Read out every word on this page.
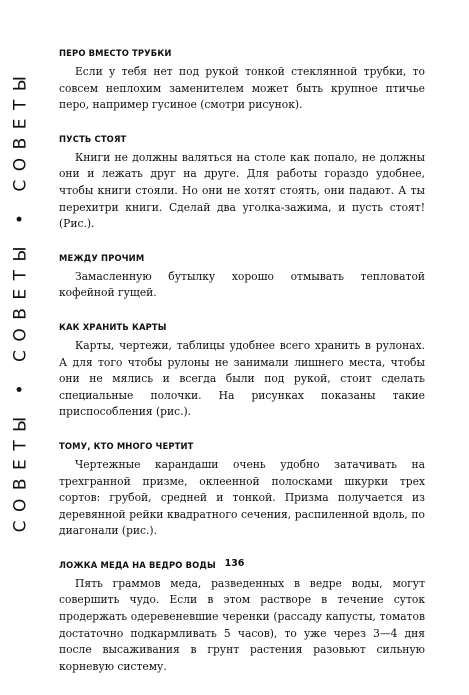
СОВЕТЫ • СОВЕТЫ • СОВЕТЫ

ПЕРО ВМЕСТО ТРУБКИ

Если у тебя нет под рукой тонкой стеклянной трубки, то совсем неплохим заменителем может быть крупное птичье перо, например гусиное (смотри рисунок).

ПУСТЬ СТОЯТ

Книги не должны валяться на столе как попало, не должны они и лежать друг на друге. Для работы гораздо удобнее, чтобы книги стояли. Но они не хотят стоять, они падают. А ты перехитри книги. Сделай два уголка-зажима, и пусть стоят! (Рис.).

МЕЖДУ ПРОЧИМ

Замасленную бутылку хорошо отмывать тепловатой кофейной гущей.

КАК ХРАНИТЬ КАРТЫ

Карты, чертежи, таблицы удобнее всего хранить в рулонах. А для того чтобы рулоны не занимали лишнего места, чтобы они не мялись и всегда были под рукой, стоит сделать специальные полочки. На рисунках показаны такие приспособления (рис.).

ТОМУ, КТО МНОГО ЧЕРТИТ

Чертежные карандаши очень удобно затачивать на трехгранной призме, оклеенной полосками шкурки трех сортов: грубой, средней и тонкой. Призма получается из деревянной рейки квадратного сечения, распиленной вдоль, по диагонали (рис.).

ЛОЖКА МЕДА НА ВЕДРО ВОДЫ

Пять граммов меда, разведенных в ведре воды, могут совершить чудо. Если в этом растворе в течение суток продержать одеревеневшие черенки (рассаду капусты, томатов достаточно подкармливать 5 часов), то уже через 3—4 дня после высаживания в грунт растения разовьют сильную корневую систему.

136
